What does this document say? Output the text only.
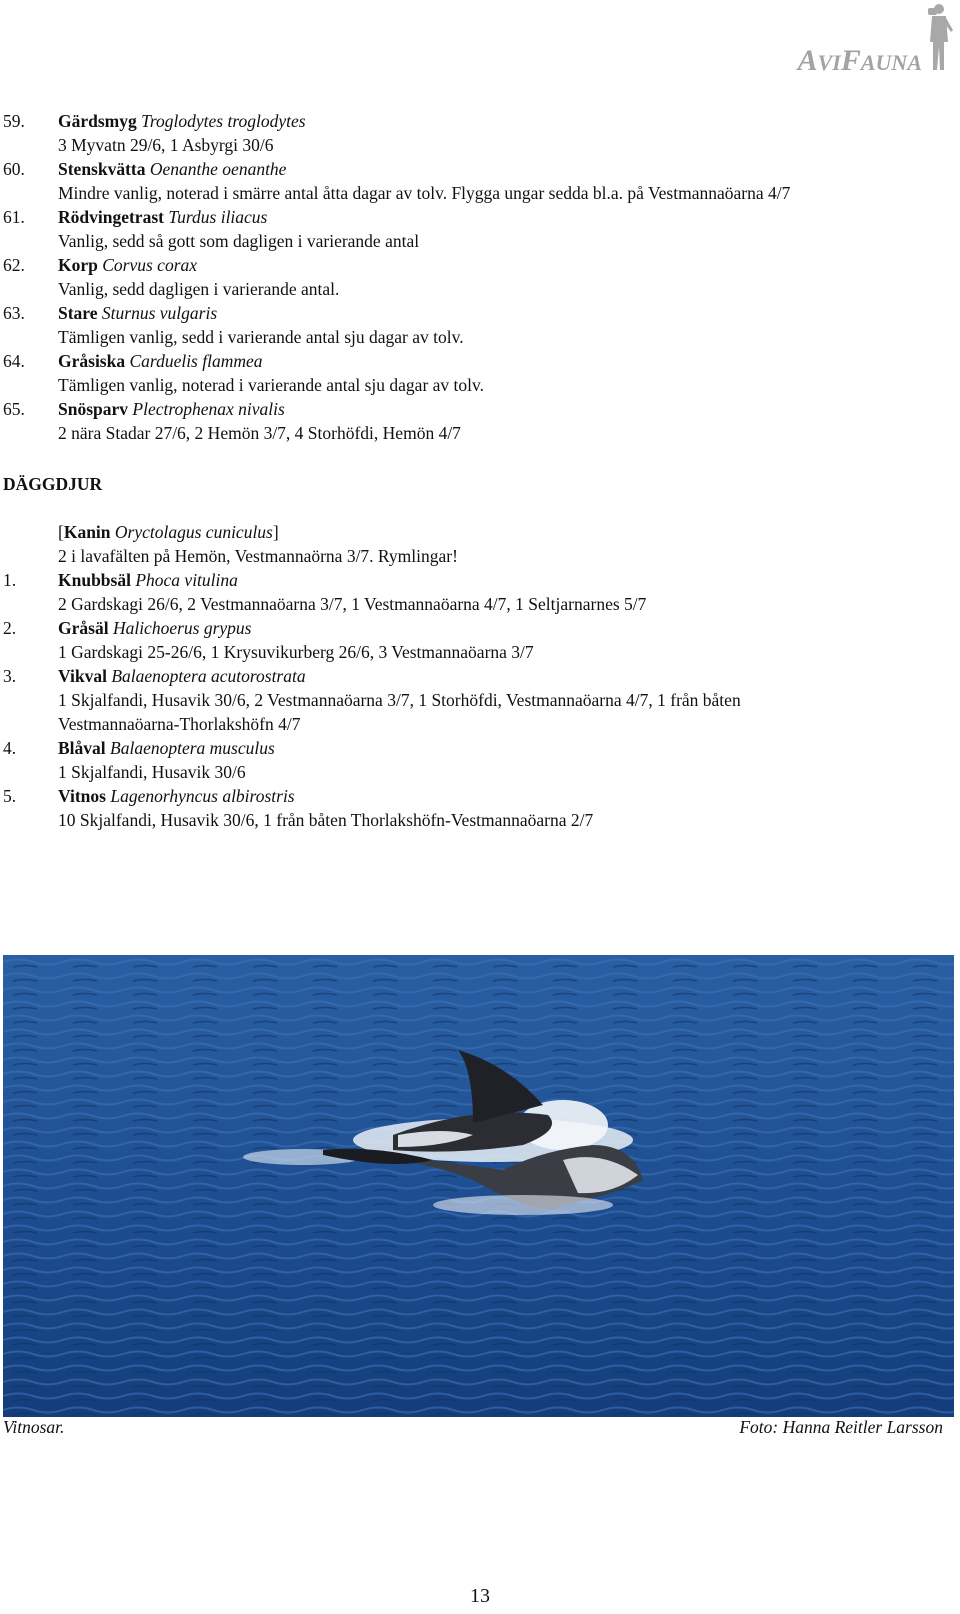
AVIFAUNA
59. Gärdsmyg Troglodytes troglodytes
3 Myvatn 29/6, 1 Asbyrgi 30/6
60. Stenskvätta Oenanthe oenanthe
Mindre vanlig, noterad i smärre antal åtta dagar av tolv. Flygga ungar sedda bl.a. på Vestmannaöarna 4/7
61. Rödvingetrast Turdus iliacus
Vanlig, sedd så gott som dagligen i varierande antal
62. Korp Corvus corax
Vanlig, sedd dagligen i varierande antal.
63. Stare Sturnus vulgaris
Tämligen vanlig, sedd i varierande antal sju dagar av tolv.
64. Gråsiska Carduelis flammea
Tämligen vanlig, noterad i varierande antal sju dagar av tolv.
65. Snösparv Plectrophenax nivalis
2 nära Stadar 27/6, 2 Hemön 3/7, 4 Storhöfdi, Hemön 4/7
DÄGGDJUR
[Kanin Oryctolagus cuniculus]
2 i lavafälten på Hemön, Vestmannaörna 3/7. Rymlingar!
1. Knubbsäl Phoca vitulina
2 Gardskagi 26/6, 2 Vestmannaöarna 3/7, 1 Vestmannaöarna 4/7, 1 Seltjarnarnes 5/7
2. Gråsäl Halichoerus grypus
1 Gardskagi 25-26/6, 1 Krysuvikurberg 26/6, 3 Vestmannaöarna 3/7
3. Vikval Balaenoptera acutorostrata
1 Skjalfandi, Husavik 30/6, 2 Vestmannaöarna 3/7, 1 Storhöfdi, Vestmannaöarna 4/7, 1 från båten
Vestmannaöarna-Thorlakshöfn 4/7
4. Blåval Balaenoptera musculus
1 Skjalfandi, Husavik 30/6
5. Vitnos Lagenorhyncus albirostris
10 Skjalfandi, Husavik 30/6, 1 från båten Thorlakshöfn-Vestmannaöarna 2/7
Vitnosar.	Foto: Hanna Reitler Larsson
13
